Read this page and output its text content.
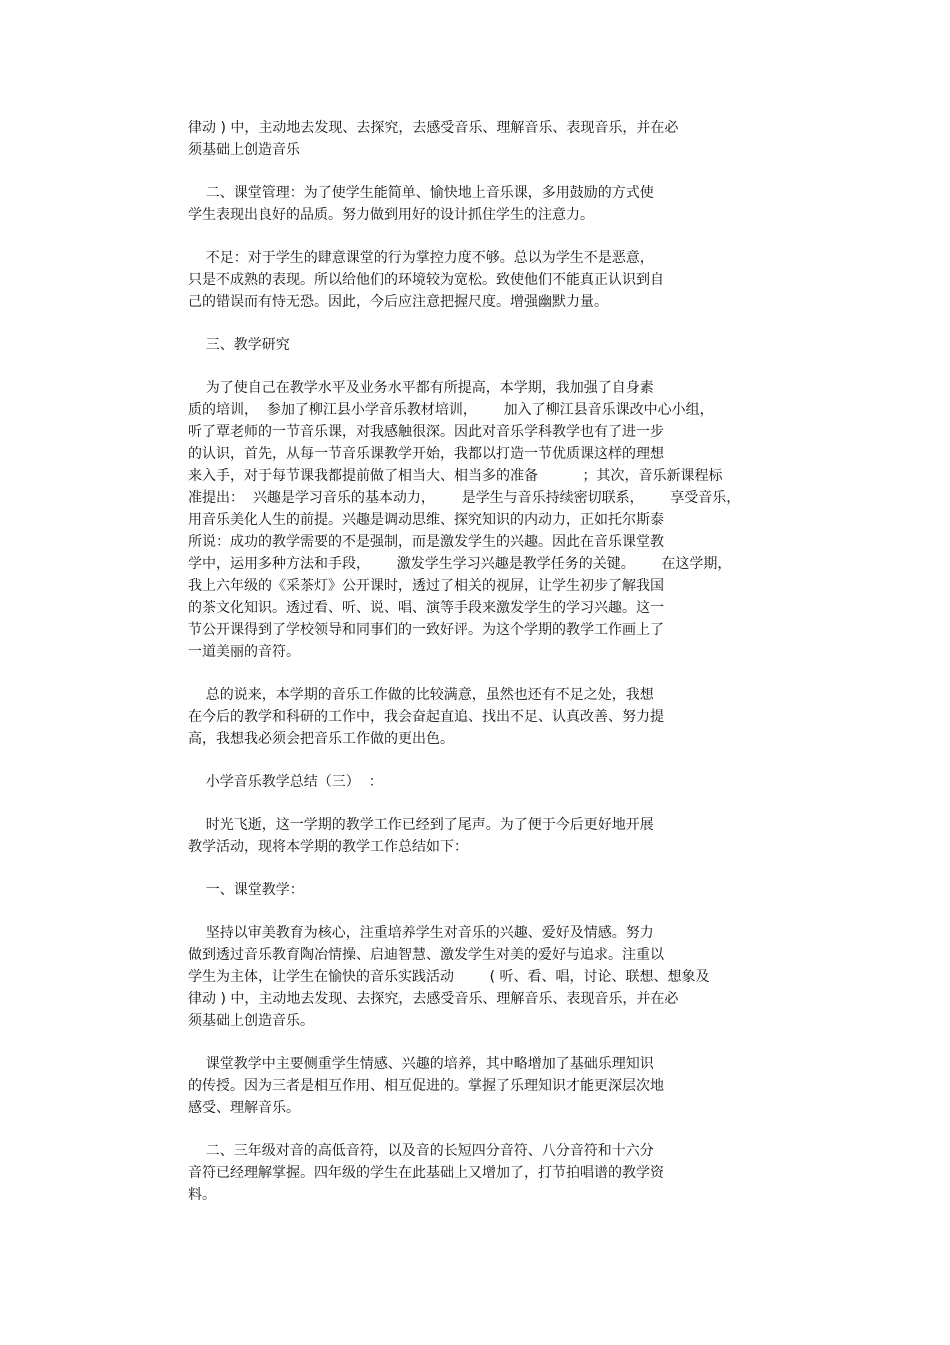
律动 ) 中，主动地去发现、去探究，去感受音乐、理解音乐、表现音乐，并在必
须基础上创造音乐
二、课堂管理：为了使学生能简单、愉快地上音乐课，多用鼓励的方式使
学生表现出良好的品质。努力做到用好的设计抓住学生的注意力。
不足：对于学生的肆意课堂的行为掌控力度不够。总以为学生不是恶意，
只是不成熟的表现。所以给他们的环境较为宽松。致使他们不能真正认识到自
己的错误而有恃无恐。因此，今后应注意把握尺度。增强幽默力量。
三、教学研究
为了使自己在教学水平及业务水平都有所提高，本学期，我加强了自身素
质的培训，  参加了柳江县小学音乐教材培训，      加入了柳江县音乐课改中心小组，
听了覃老师的一节音乐课，对我感触很深。因此对音乐学科教学也有了进一步
的认识，首先，从每一节音乐课教学开始，我都以打造一节优质课这样的理想
来入手，对于每节课我都提前做了相当大、相当多的准备          ；其次，音乐新课程标
准提出：  兴趣是学习音乐的基本动力，      是学生与音乐持续密切联系，      享受音乐，
用音乐美化人生的前提。兴趣是调动思维、探究知识的内动力，正如托尔斯泰
所说：成功的教学需要的不是强制，而是激发学生的兴趣。因此在音乐课堂教
学中，运用多种方法和手段，      激发学生学习兴趣是教学任务的关键。      在这学期，
我上六年级的《采茶灯》公开课时，透过了相关的视屏，让学生初步了解我国
的茶文化知识。透过看、听、说、唱、演等手段来激发学生的学习兴趣。这一
节公开课得到了学校领导和同事们的一致好评。为这个学期的教学工作画上了
一道美丽的音符。
总的说来，本学期的音乐工作做的比较满意，虽然也还有不足之处，我想
在今后的教学和科研的工作中，我会奋起直追、找出不足、认真改善、努力提
高，我想我必须会把音乐工作做的更出色。
小学音乐教学总结（三）  ：
时光飞逝，这一学期的教学工作已经到了尾声。为了便于今后更好地开展
教学活动，现将本学期的教学工作总结如下：
一、课堂教学：
坚持以审美教育为核心，注重培养学生对音乐的兴趣、爱好及情感。努力
做到透过音乐教育陶冶情操、启迪智慧、激发学生对美的爱好与追求。注重以
学生为主体，让学生在愉快的音乐实践活动        ( 听、看、唱，讨论、联想、想象及
律动 ) 中，主动地去发现、去探究，去感受音乐、理解音乐、表现音乐，并在必
须基础上创造音乐。
课堂教学中主要侧重学生情感、兴趣的培养，其中略增加了基础乐理知识
的传授。因为三者是相互作用、相互促进的。掌握了乐理知识才能更深层次地
感受、理解音乐。
二、三年级对音的高低音符，以及音的长短四分音符、八分音符和十六分
音符已经理解掌握。四年级的学生在此基础上又增加了，打节拍唱谱的教学资
料。
